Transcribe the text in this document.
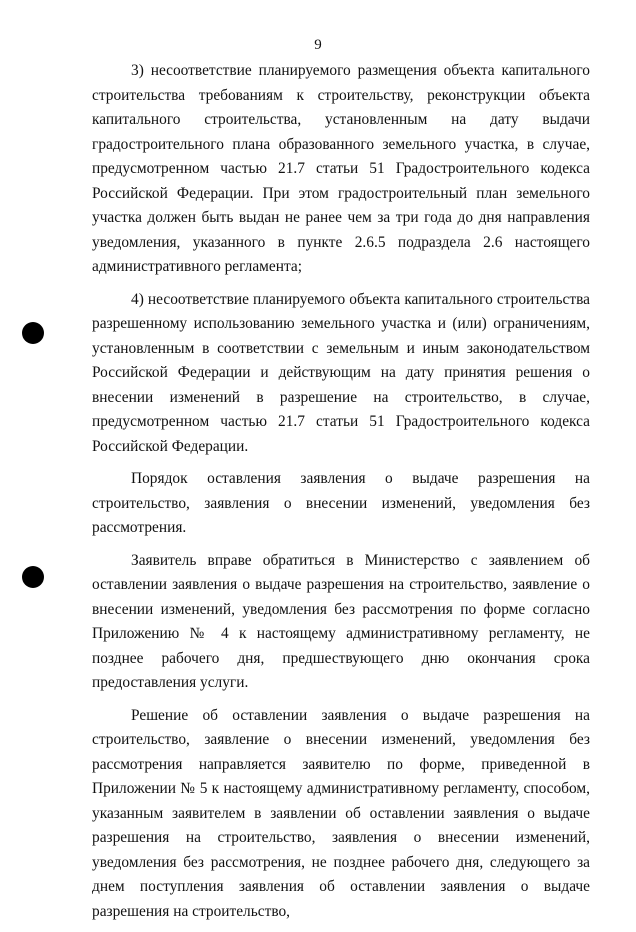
9

3) несоответствие планируемого размещения объекта капитального строительства требованиям к строительству, реконструкции объекта капитального строительства, установленным на дату выдачи градостроительного плана образованного земельного участка, в случае, предусмотренном частью 21.7 статьи 51 Градостроительного кодекса Российской Федерации. При этом градостроительный план земельного участка должен быть выдан не ранее чем за три года до дня направления уведомления, указанного в пункте 2.6.5 подраздела 2.6 настоящего административного регламента;

4) несоответствие планируемого объекта капитального строительства разрешенному использованию земельного участка и (или) ограничениям, установленным в соответствии с земельным и иным законодательством Российской Федерации и действующим на дату принятия решения о внесении изменений в разрешение на строительство, в случае, предусмотренном частью 21.7 статьи 51 Градостроительного кодекса Российской Федерации.

Порядок оставления заявления о выдаче разрешения на строительство, заявления о внесении изменений, уведомления без рассмотрения.

Заявитель вправе обратиться в Министерство с заявлением об оставлении заявления о выдаче разрешения на строительство, заявление о внесении изменений, уведомления без рассмотрения по форме согласно Приложению № 4 к настоящему административному регламенту, не позднее рабочего дня, предшествующего дню окончания срока предоставления услуги.

Решение об оставлении заявления о выдаче разрешения на строительство, заявление о внесении изменений, уведомления без рассмотрения направляется заявителю по форме, приведенной в Приложении № 5 к настоящему административному регламенту, способом, указанным заявителем в заявлении об оставлении заявления о выдаче разрешения на строительство, заявления о внесении изменений, уведомления без рассмотрения, не позднее рабочего дня, следующего за днем поступления заявления об оставлении заявления о выдаче разрешения на строительство,
